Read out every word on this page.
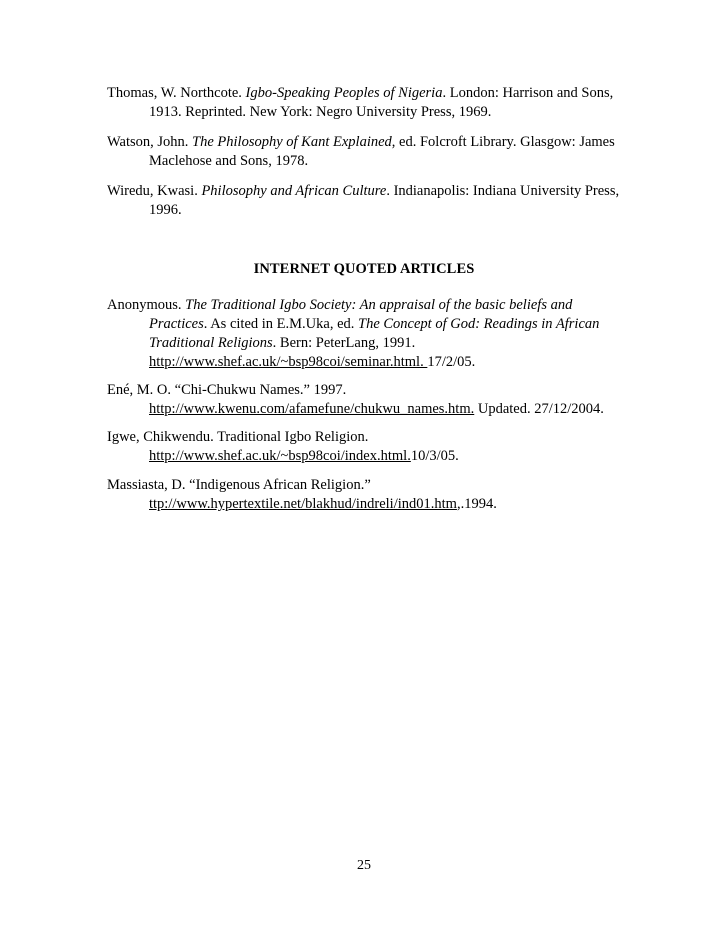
Thomas, W. Northcote. Igbo-Speaking Peoples of Nigeria. London: Harrison and Sons,
1913. Reprinted. New York: Negro University Press, 1969.
Watson, John. The Philosophy of Kant Explained, ed. Folcroft Library. Glasgow: James
Maclehose and Sons, 1978.
Wiredu, Kwasi. Philosophy and African Culture. Indianapolis: Indiana University Press,
1996.
INTERNET QUOTED ARTICLES
Anonymous. The Traditional Igbo Society: An appraisal of the basic beliefs and
Practices. As cited in E.M.Uka, ed. The Concept of God: Readings in African
Traditional Religions. Bern: PeterLang, 1991.
http://www.shef.ac.uk/~bsp98coi/seminar.html. 17/2/05.
Ené, M. O. “Chi-Chukwu Names.” 1997.
http://www.kwenu.com/afamefune/chukwu_names.htm. Updated. 27/12/2004.
Igwe, Chikwendu. Traditional Igbo Religion.
http://www.shef.ac.uk/~bsp98coi/index.html.10/3/05.
Massiasta, D. “Indigenous African Religion.”
ttp://www.hypertextile.net/blakhud/indreli/ind01.htm,.1994.
25
